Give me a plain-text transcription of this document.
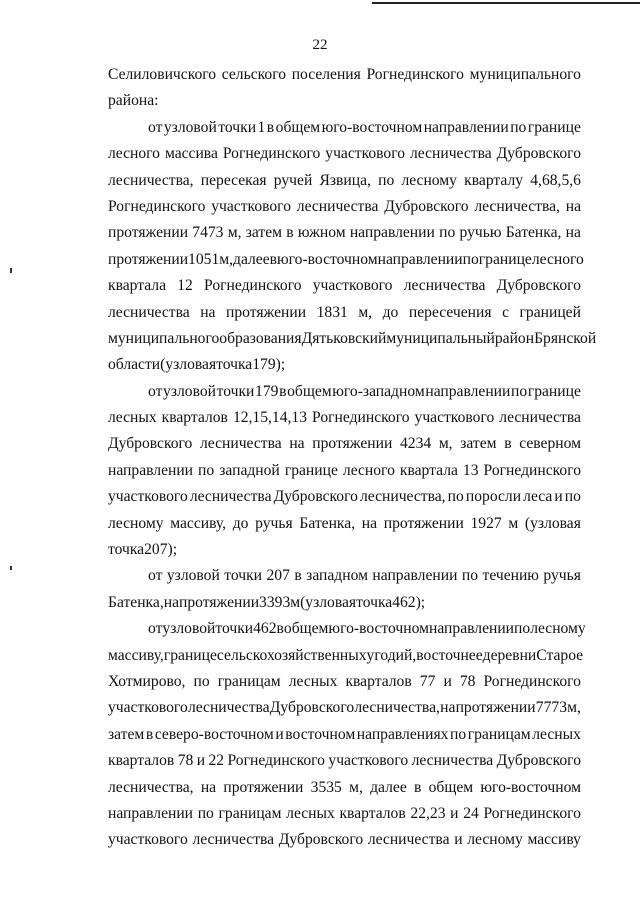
22
Селиловичского сельского поселения Рогнединского муниципального
района:
от узловой точки 1 в общем юго-восточном направлении по границе
лесного массива Рогнединского участкового лесничества Дубровского
лесничества, пересекая ручей Язвица, по лесному кварталу 4,68,5,6
Рогнединского участкового лесничества Дубровского лесничества, на
протяжении 7473 м, затем в южном направлении по ручью Батенка, на
протяжении 1051 м, далее в юго-восточном направлении по границе лесного
квартала 12 Рогнединского участкового лесничества Дубровского
лесничества на протяжении 1831 м, до пересечения с границей
муниципального образования Дятьковский муниципальный район Брянской
области (узловая точка 179);
от узловой точки 179 в общем юго-западном направлении по границе
лесных кварталов 12,15,14,13 Рогнединского участкового лесничества
Дубровского лесничества на протяжении 4234 м, затем в северном
направлении по западной границе лесного квартала 13 Рогнединского
участкового лесничества Дубровского лесничества, по поросли леса и по
лесному массиву, до ручья Батенка, на протяжении 1927 м (узловая
точка 207);
от узловой точки 207 в западном направлении по течению ручья
Батенка, на протяжении 3393 м (узловая точка 462);
от узловой точки 462 в общем юго-восточном направлении по лесному
массиву, границе сельскохозяйственных угодий, восточнее деревни Старое
Хотмирово, по границам лесных кварталов 77 и 78 Рогнединского
участкового лесничества Дубровского лесничества, на протяжении 7773 м,
затем в северо-восточном и восточном направлениях по границам лесных
кварталов 78 и 22 Рогнединского участкового лесничества Дубровского
лесничества, на протяжении 3535 м, далее в общем юго-восточном
направлении по границам лесных кварталов 22,23 и 24 Рогнединского
участкового лесничества Дубровского лесничества и лесному массиву
